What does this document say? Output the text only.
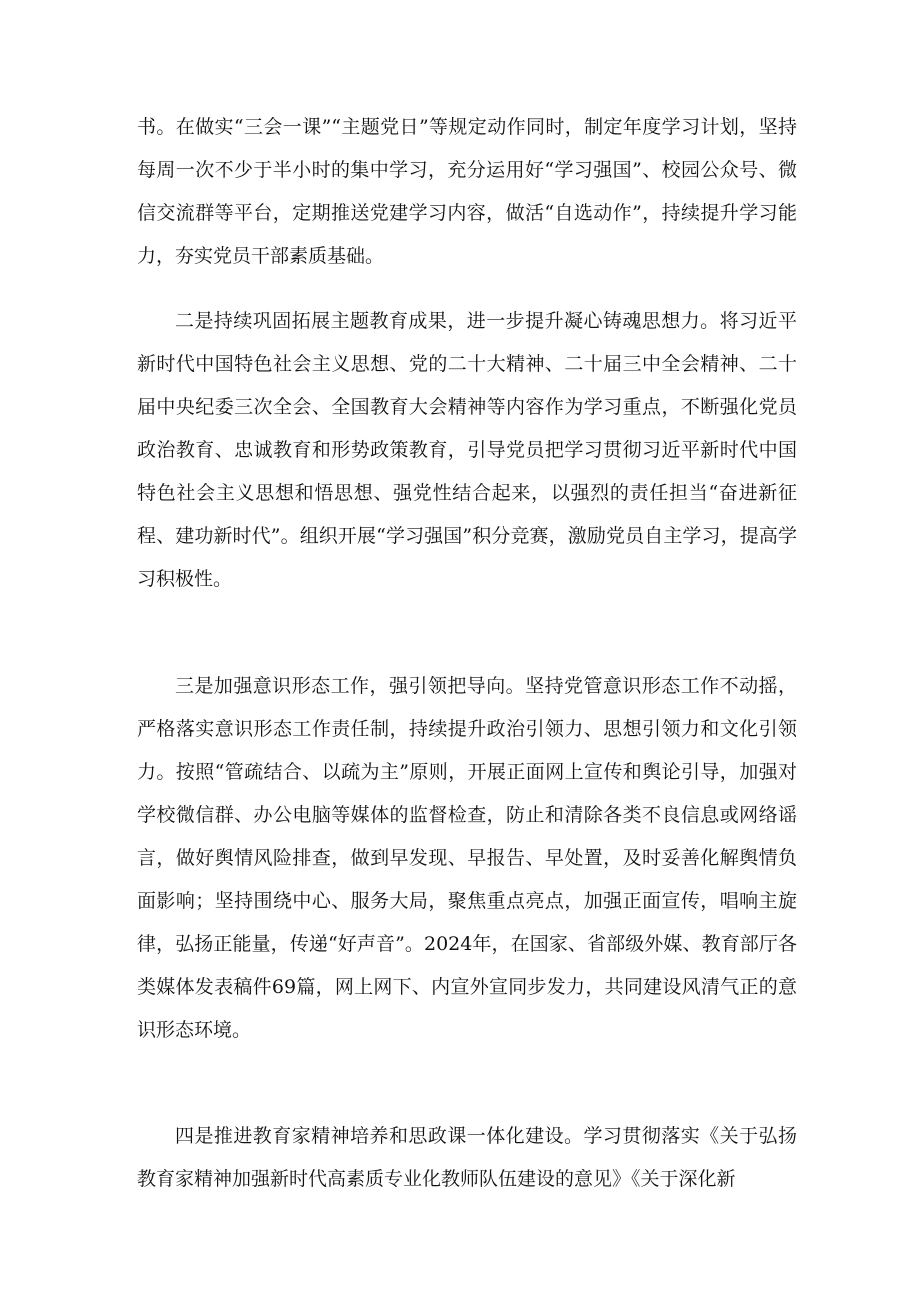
书。在做实“三会一课”“主题党日”等规定动作同时，制定年度学习计划，坚持每周一次不少于半小时的集中学习，充分运用好“学习强国”、校园公众号、微信交流群等平台，定期推送党建学习内容，做活“自选动作”，持续提升学习能力，夯实党员干部素质基础。

二是持续巩固拓展主题教育成果，进一步提升凝心铸魂思想力。将习近平新时代中国特色社会主义思想、党的二十大精神、二十届三中全会精神、二十届中央纪委三次全会、全国教育大会精神等内容作为学习重点，不断强化党员政治教育、忠诚教育和形势政策教育，引导党员把学习贯彻习近平新时代中国特色社会主义思想和悟思想、强党性结合起来，以强烈的责任担当“奋进新征程、建功新时代”。组织开展“学习强国”积分竞赛，激励党员自主学习，提高学习积极性。

三是加强意识形态工作，强引领把导向。坚持党管意识形态工作不动摇，严格落实意识形态工作责任制，持续提升政治引领力、思想引领力和文化引领力。按照“管疏结合、以疏为主”原则，开展正面网上宣传和舆论引导，加强对学校微信群、办公电脑等媒体的监督检查，防止和清除各类不良信息或网络谣言，做好舆情风险排查，做到早发现、早报告、早处置，及时妥善化解舆情负面影响；坚持围绕中心、服务大局，聚焦重点亮点，加强正面宣传，唱响主旋律，弘扬正能量，传递“好声音”。2024年，在国家、省部级外媒、教育部厅各类媒体发表稿件69篇，网上网下、内宣外宣同步发力，共同建设风清气正的意识形态环境。

四是推进教育家精神培养和思政课一体化建设。学习贯彻落实《关于弘扬教育家精神加强新时代高素质专业化教师队伍建设的意见》《关于深化新
